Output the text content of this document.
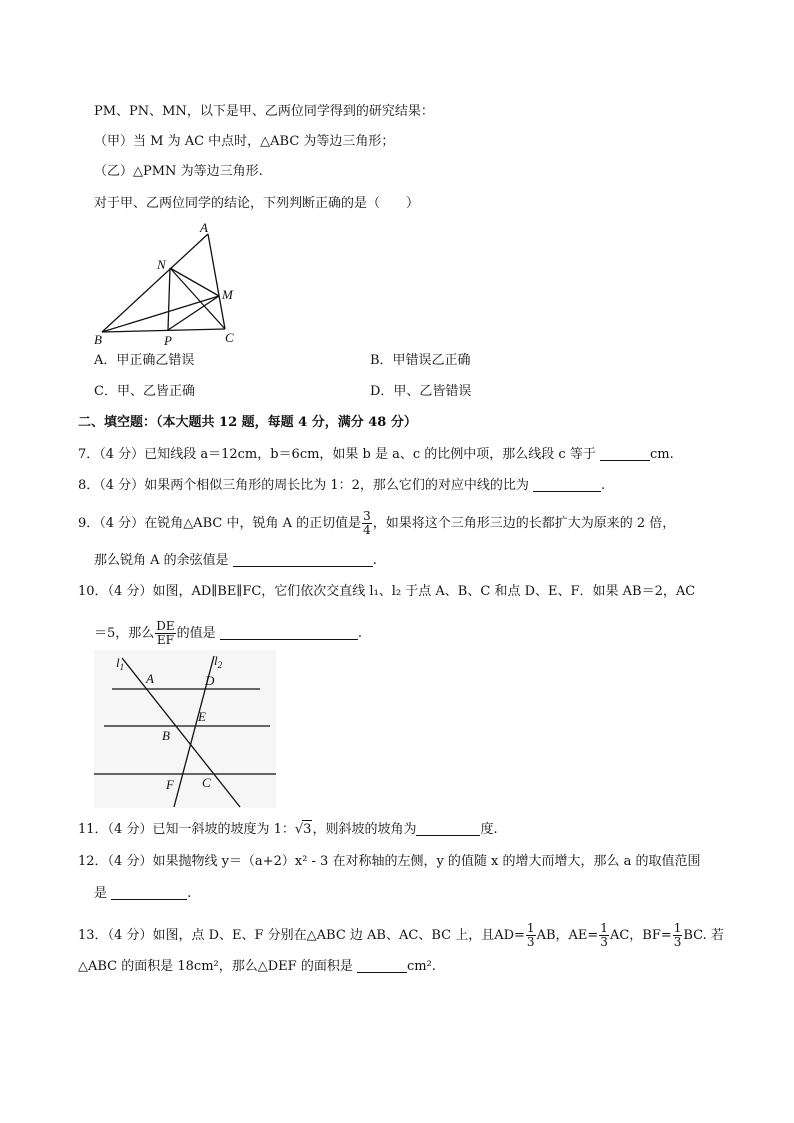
PM、PN、MN，以下是甲、乙两位同学得到的研究结果：
（甲）当 M 为 AC 中点时，△ABC 为等边三角形；
（乙）△PMN 为等边三角形.
对于甲、乙两位同学的结论，下列判断正确的是（　　）
A
N
M
B	P	C
A．甲正确乙错误	B．甲错误乙正确
C．甲、乙皆正确	D．甲、乙皆错误
二、填空题：（本大题共 12 题，每题 4 分，满分 48 分）
7．（4 分）已知线段 a＝12cm，b＝6cm，如果 b 是 a、c 的比例中项，那么线段 c 等于	cm.
8．（4 分）如果两个相似三角形的周长比为 1：2，那么它们的对应中线的比为	.
9．（4 分）在锐角△ABC 中，锐角 A 的正切值是 $\frac{3}{4}$ ，如果将这个三角形三边的长都扩大为原来的 2 倍，
那么锐角 A 的余弦值是	.
10．（4 分）如图，AD∥BE∥FC，它们依次交直线 l₁、l₂ 于点 A、B、C 和点 D、E、F．如果 AB＝2，AC
＝5，那么 $\frac{DE}{EF}$ 的值是	.
$l_1$	$l_2$
A	D
E
B
F C
11．（4 分）已知一斜坡的坡度为 1：√3，则斜坡的坡角为	度.
12．（4 分）如果抛物线 y＝（a+2）x² ‑ 3 在对称轴的左侧，y 的值随 x 的增大而增大，那么 a 的取值范围
是	.
13．（4 分）如图，点 D、E、F 分别在△ABC 边 AB、AC、BC 上，且$AD= \frac{1}{3}$ AB，$AE= \frac{1}{3}$ AC，$BF= \frac{1}{3}$ BC. 若
△ABC 的面积是 18cm²，那么△DEF 的面积是	cm².
